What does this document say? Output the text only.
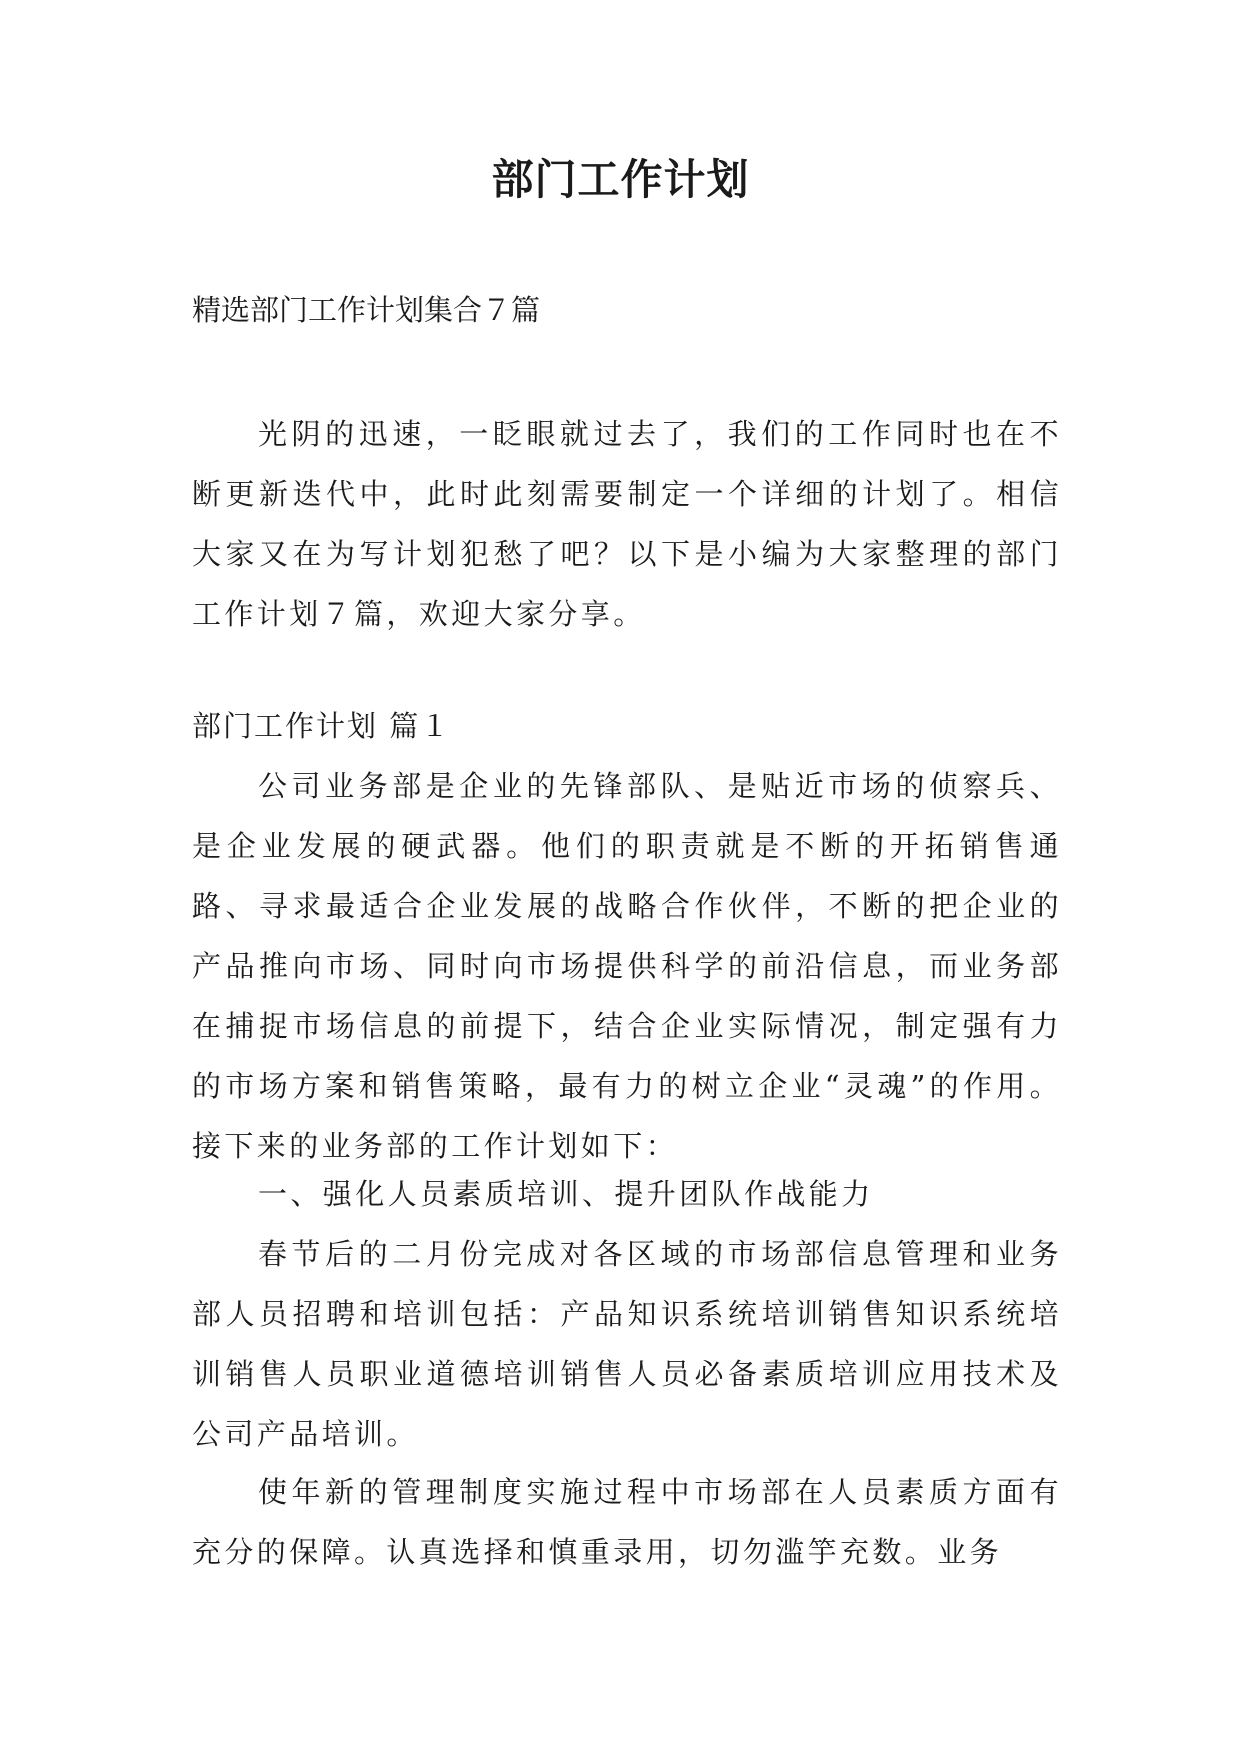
部门工作计划
精选部门工作计划集合７篇
光阴的迅速，一眨眼就过去了，我们的工作同时也在不断更新迭代中，此时此刻需要制定一个详细的计划了。相信大家又在为写计划犯愁了吧？以下是小编为大家整理的部门工作计划７篇，欢迎大家分享。
部门工作计划 篇１
公司业务部是企业的先锋部队、是贴近市场的侦察兵、是企业发展的硬武器。他们的职责就是不断的开拓销售通路、寻求最适合企业发展的战略合作伙伴，不断的把企业的产品推向市场、同时向市场提供科学的前沿信息，而业务部在捕捉市场信息的前提下，结合企业实际情况，制定强有力的市场方案和销售策略，最有力的树立企业“灵魂”的作用。接下来的业务部的工作计划如下：
一、强化人员素质培训、提升团队作战能力
春节后的二月份完成对各区域的市场部信息管理和业务部人员招聘和培训包括：产品知识系统培训销售知识系统培训销售人员职业道德培训销售人员必备素质培训应用技术及公司产品培训。
使年新的管理制度实施过程中市场部在人员素质方面有充分的保障。认真选择和慎重录用，切勿滥竽充数。业务
